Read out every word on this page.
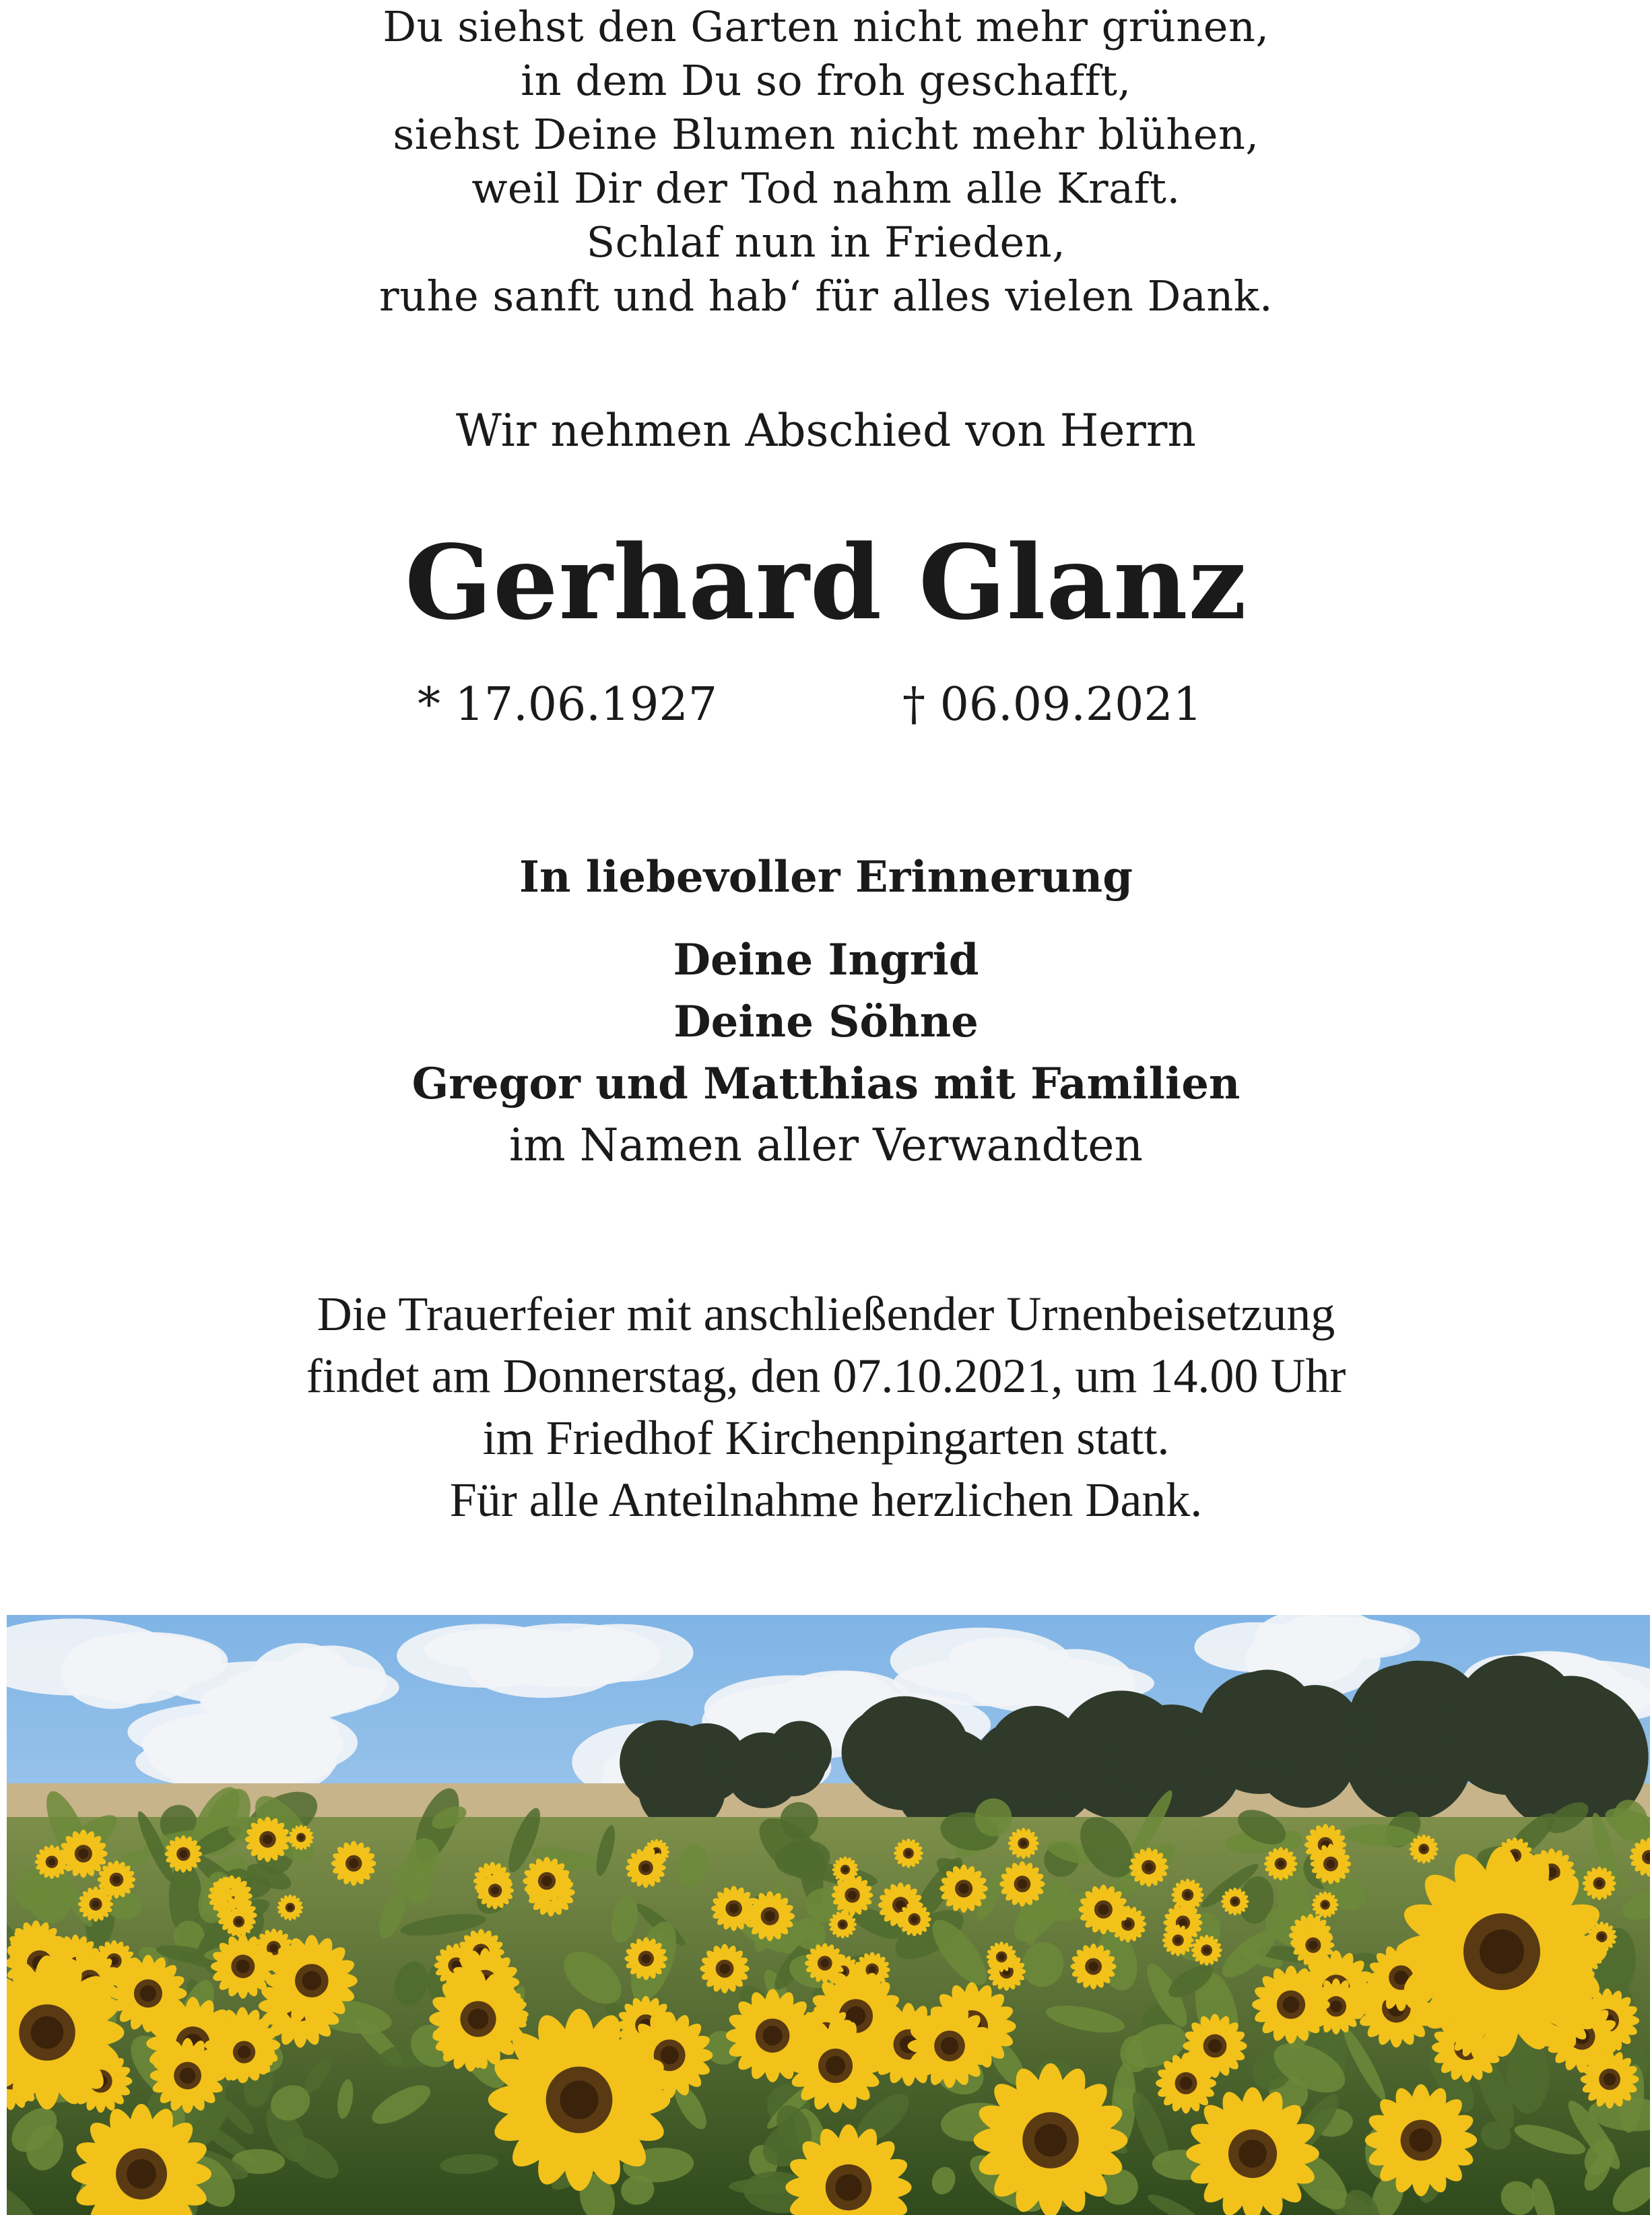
Du siehst den Garten nicht mehr grünen,
in dem Du so froh geschafft,
siehst Deine Blumen nicht mehr blühen,
weil Dir der Tod nahm alle Kraft.
Schlaf nun in Frieden,
ruhe sanft und hab‘ für alles vielen Dank.
Wir nehmen Abschied von Herrn
Gerhard Glanz
* 17.06.1927	† 06.09.2021
In liebevoller Erinnerung
Deine Ingrid
Deine Söhne
Gregor und Matthias mit Familien
im Namen aller Verwandten
Die Trauerfeier mit anschließender Urnenbeisetzung
findet am Donnerstag, den 07.10.2021, um 14.00 Uhr
im Friedhof Kirchenpingarten statt.
Für alle Anteilnahme herzlichen Dank.
